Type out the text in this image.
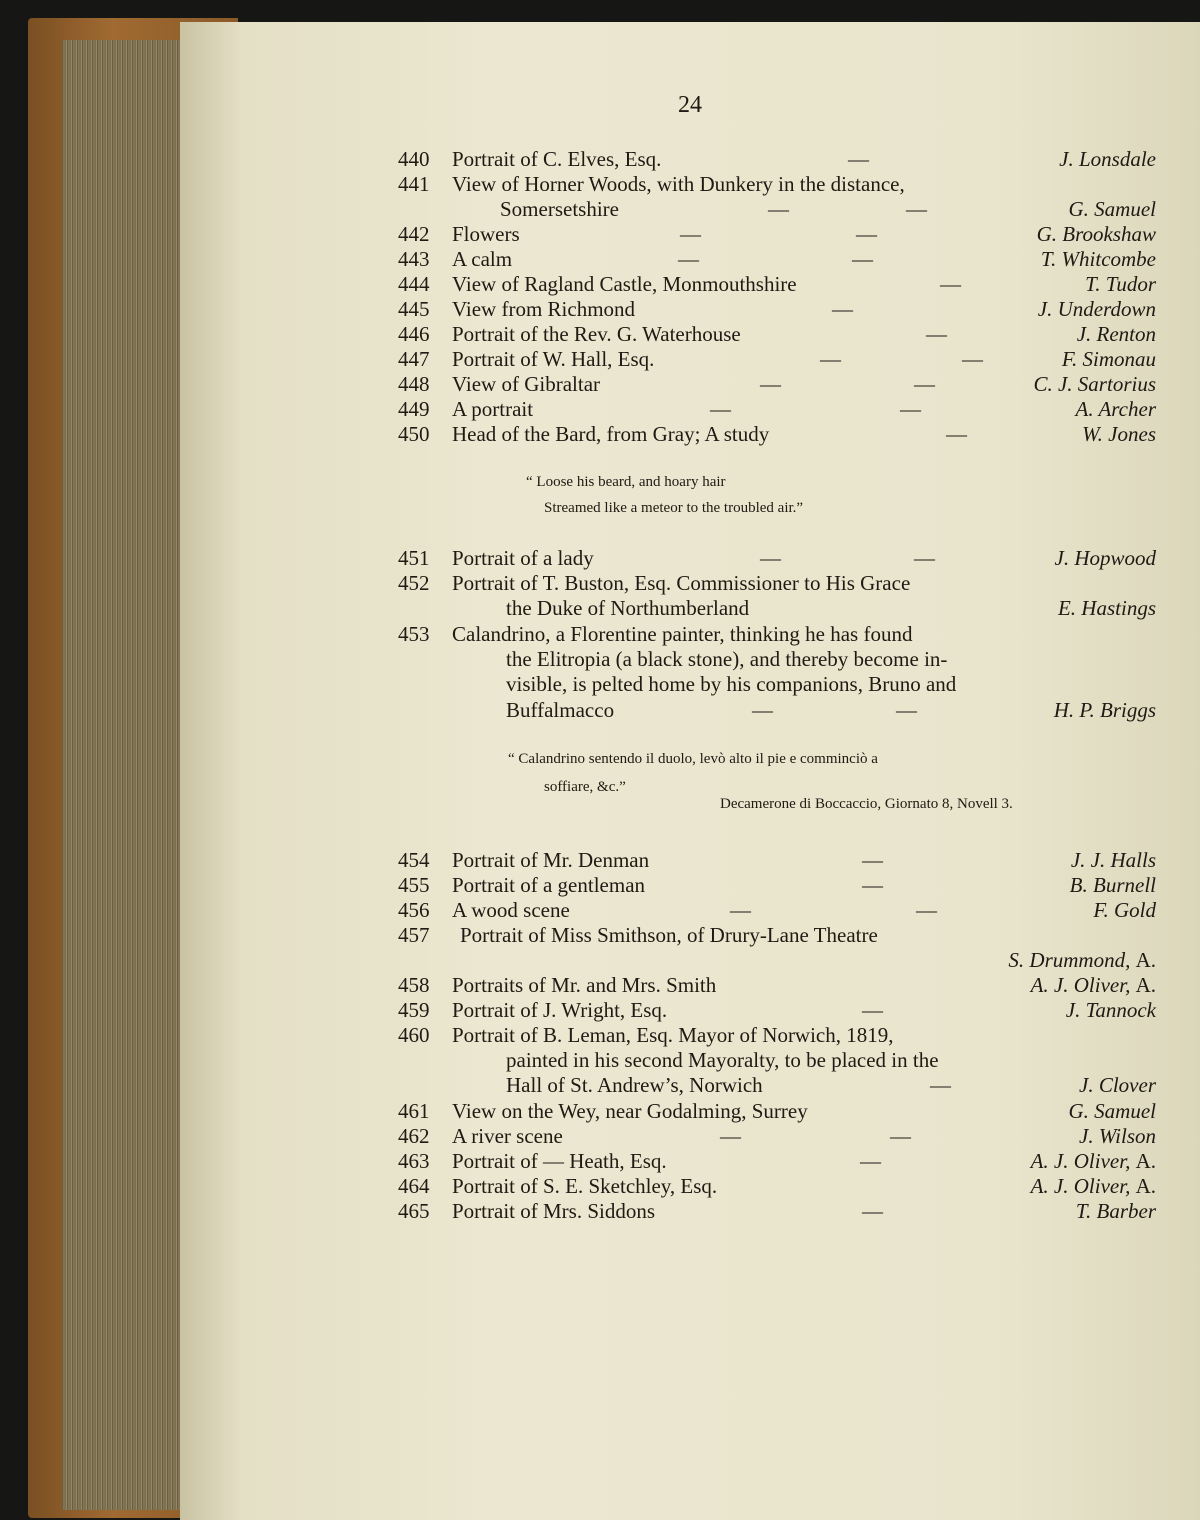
24
440	Portrait of C. Elves, Esq.	—	J. Lonsdale
441	View of Horner Woods, with Dunkery in the distance,
Somersetshire	—	—	G. Samuel
442	Flowers	—	—	G. Brookshaw
443	A calm	—	—	T. Whitcombe
444	View of Ragland Castle, Monmouthshire	—	T. Tudor
445	View from Richmond	—	J. Underdown
446	Portrait of the Rev. G. Waterhouse	—	J. Renton
447	Portrait of W. Hall, Esq.	—	—	F. Simonau
448	View of Gibraltar	—	—	C. J. Sartorius
449	A portrait	—	—	A. Archer
450	Head of the Bard, from Gray; A study	—	W. Jones
“ Loose his beard, and hoary hair
Streamed like a meteor to the troubled air.”
451	Portrait of a lady	—	—	J. Hopwood
452	Portrait of T. Buston, Esq. Commissioner to His Grace
the Duke of Northumberland	E. Hastings
453	Calandrino, a Florentine painter, thinking he has found
the Elitropia (a black stone), and thereby become in-
visible, is pelted home by his companions, Bruno and
Buffalmacco	—	—	H. P. Briggs
“ Calandrino sentendo il duolo, levò alto il pie e comminciò a
soffiare, &c.”
Decamerone di Boccaccio, Giornato 8, Novell 3.
454	Portrait of Mr. Denman	—	J. J. Halls
455	Portrait of a gentleman	—	B. Burnell
456	A wood scene	—	—	F. Gold
457	Portrait of Miss Smithson, of Drury-Lane Theatre
S. Drummond, A.
458	Portraits of Mr. and Mrs. Smith	A. J. Oliver, A.
459	Portrait of J. Wright, Esq.	—	J. Tannock
460	Portrait of B. Leman, Esq. Mayor of Norwich, 1819,
painted in his second Mayoralty, to be placed in the
Hall of St. Andrew’s, Norwich	—	J. Clover
461	View on the Wey, near Godalming, Surrey	G. Samuel
462	A river scene	—	—	J. Wilson
463	Portrait of — Heath, Esq.	—	A. J. Oliver, A.
464	Portrait of S. E. Sketchley, Esq.	A. J. Oliver, A.
465	Portrait of Mrs. Siddons	—	T. Barber
